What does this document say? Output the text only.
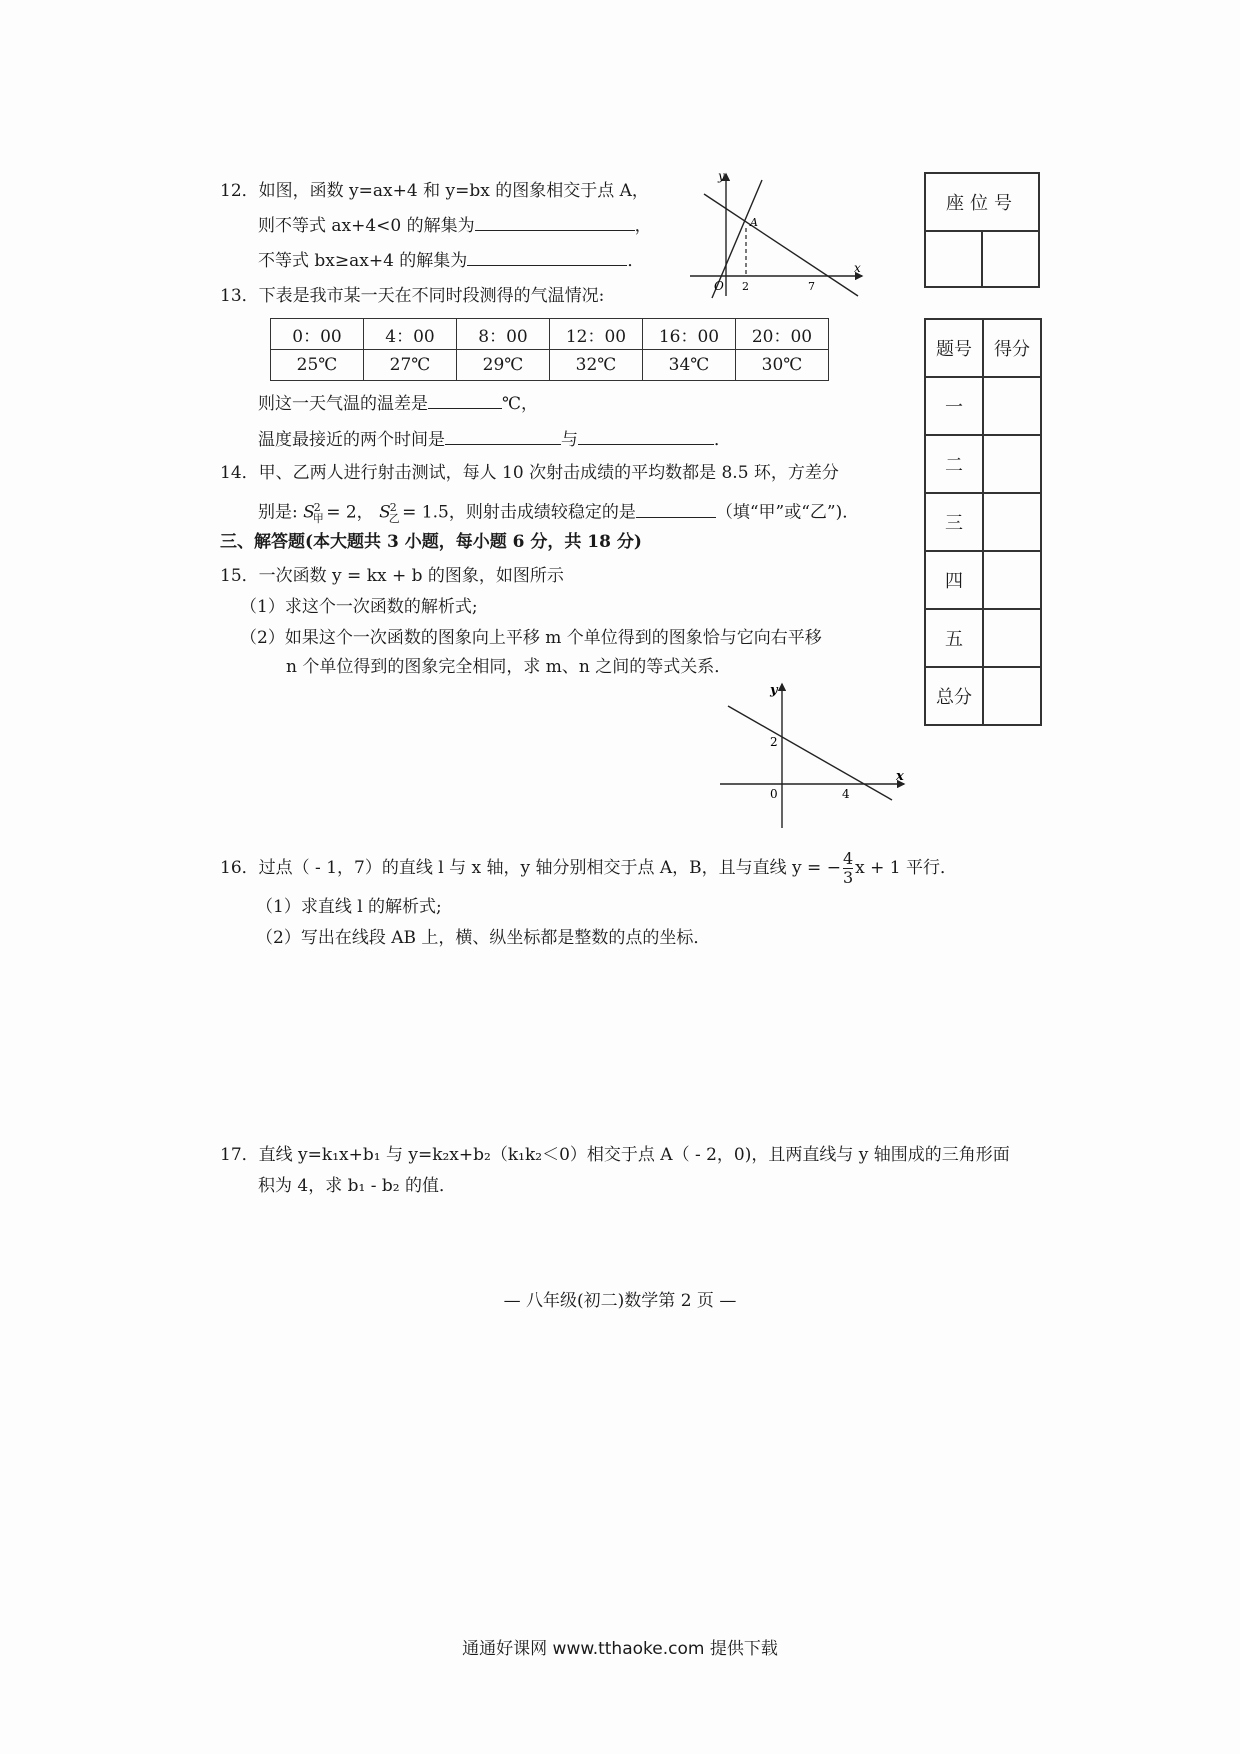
12．如图，函数 y=ax+4 和 y=bx 的图象相交于点 A，
则不等式 ax+4<0 的解集为	，
不等式 bx≥ax+4 的解集为	．
y
x
O
A
2	7
13．下表是我市某一天在不同时段测得的气温情况:
0：00	4：00	8：00	12：00	16：00	20：00
25℃	27℃	29℃	32℃	34℃	30℃
则这一天气温的温差是	℃，
温度最接近的两个时间是	与	．
14．甲、乙两人进行射击测试，每人 10 次射击成绩的平均数都是 8.5 环，方差分
别是: $S_甲^2 = 2$， $S_乙^2 = 1.5$，则射击成绩较稳定的是	（填“甲”或“乙”)．
三、解答题(本大题共 3 小题，每小题 6 分，共 18 分)
15．一次函数 y = kx + b 的图象，如图所示
（1）求这个一次函数的解析式;
（2）如果这个一次函数的图象向上平移 m 个单位得到的图象恰与它向右平移
n 个单位得到的图象完全相同，求 m、n 之间的等式关系．
y
x
0
2
4
16．过点（ - 1，7）的直线 l 与 x 轴，y 轴分别相交于点 A，B，且与直线 y = − $\frac{4}{3}$ x + 1 平行．
（1）求直线 l 的解析式;
（2）写出在线段 AB 上，横、纵坐标都是整数的点的坐标．
17．直线 y=k₁x+b₁ 与 y=k₂x+b₂（k₁k₂＜0）相交于点 A（ - 2，0)，且两直线与 y 轴围成的三角形面
积为 4，求 b₁ - b₂ 的值．
座位号
题号	得分
一	
二	
三	
四	
五	
总分	
— 八年级(初二)数学第 2 页 —
通通好课网 www.tthaoke.com 提供下载
